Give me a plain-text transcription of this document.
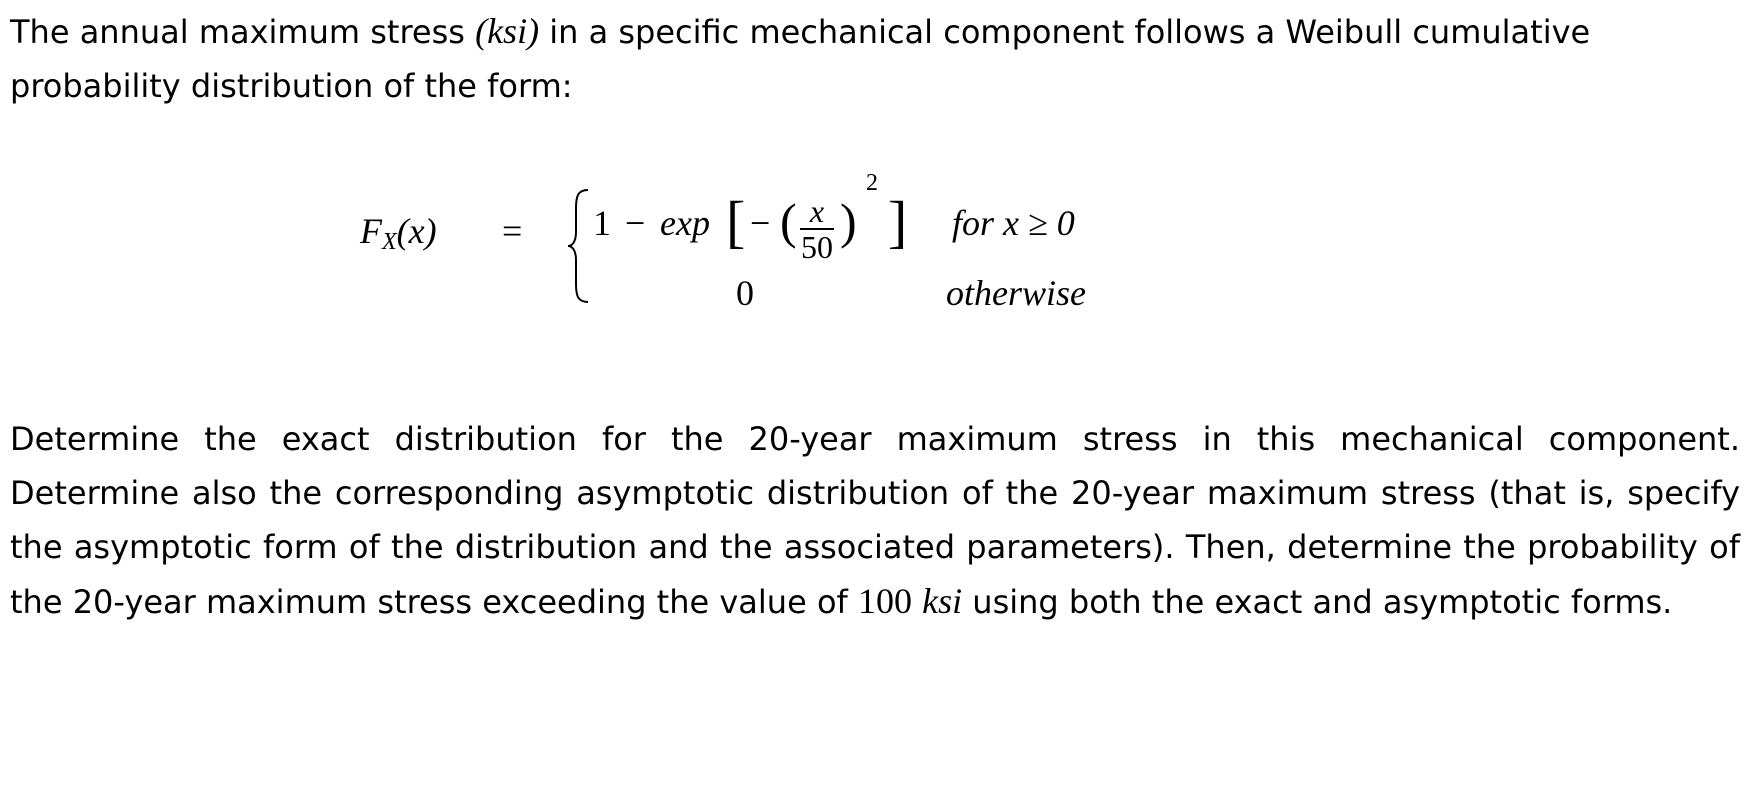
The annual maximum stress (ksi) in a specific mechanical component follows a Weibull cumulative probability distribution of the form:
$F_X(x) = 1 - \exp$ [ − ( x
50 )
2
] for x ≥ 0
0	otherwise
Determine the exact distribution for the 20-year maximum stress in this mechanical component. Determine also the corresponding asymptotic distribution of the 20-year maximum stress (that is, specify the asymptotic form of the distribution and the associated parameters). Then, determine the probability of the 20-year maximum stress exceeding the value of 100 ksi using both the exact and asymptotic forms.
